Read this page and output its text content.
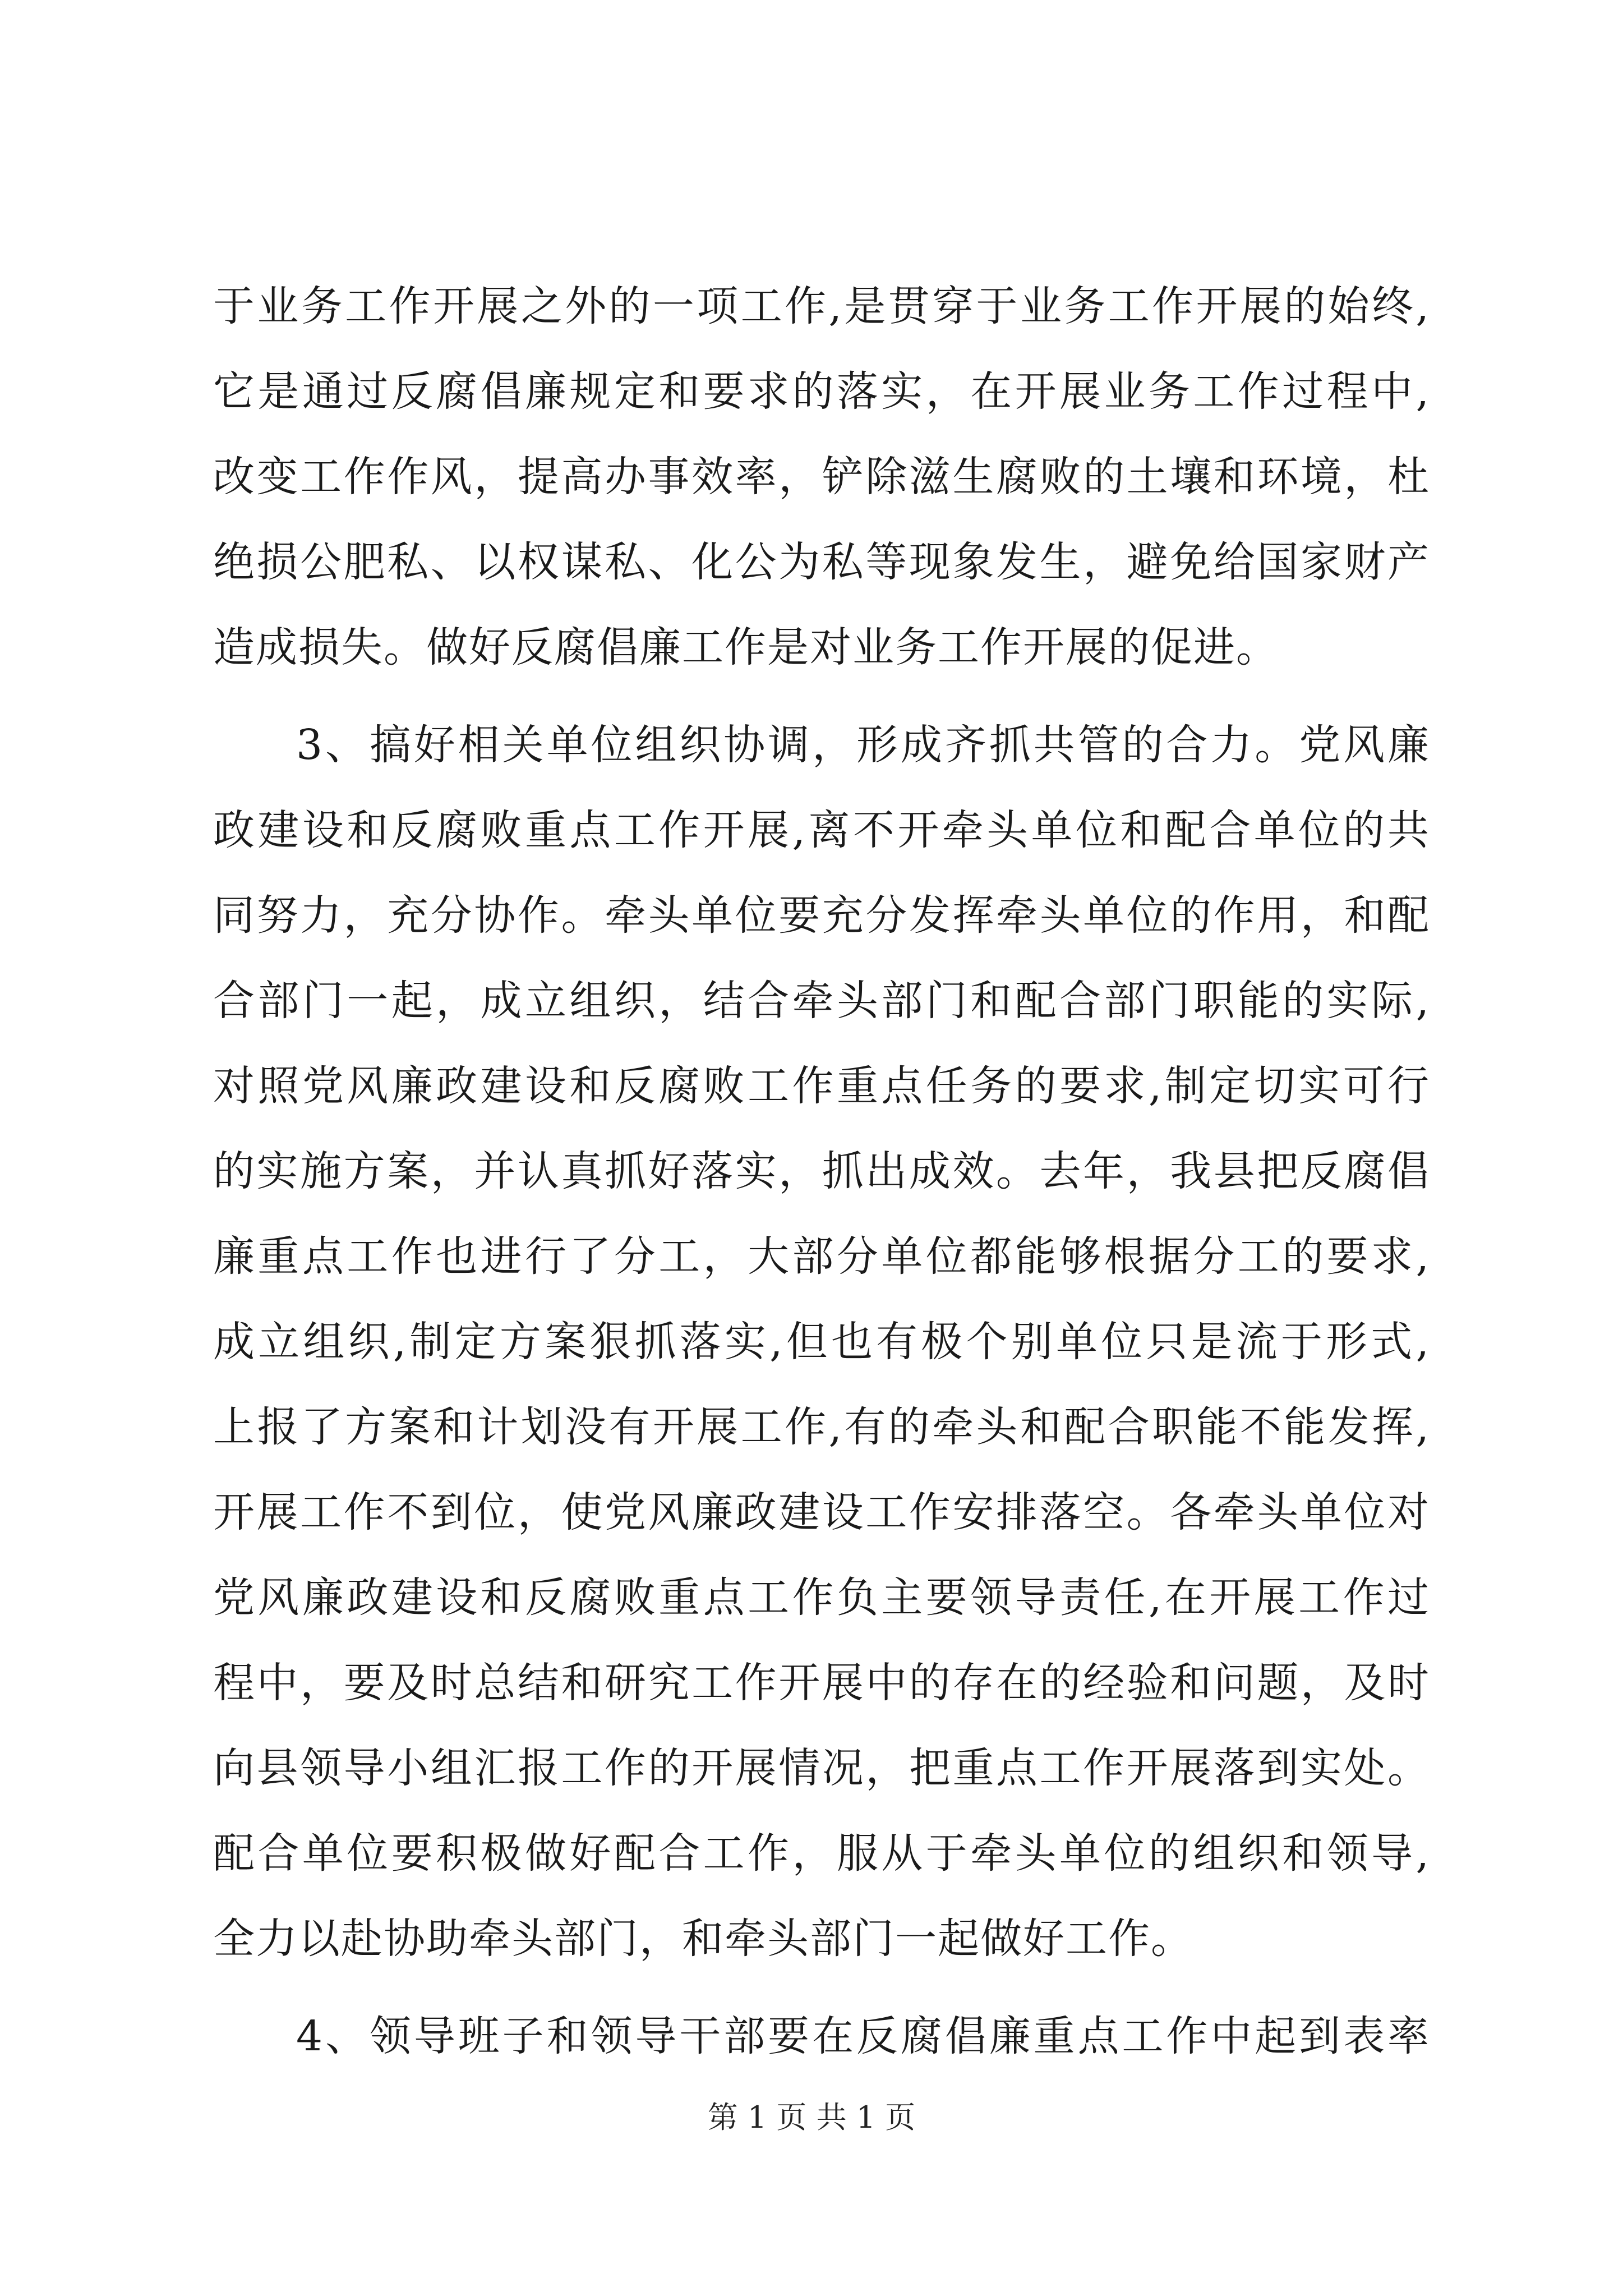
于业务工作开展之外的一项工作,是贯穿于业务工作开展的始终,
它是通过反腐倡廉规定和要求的落实，在开展业务工作过程中,
改变工作作风，提高办事效率，铲除滋生腐败的土壤和环境，杜
绝损公肥私、以权谋私、化公为私等现象发生，避免给国家财产
造成损失。做好反腐倡廉工作是对业务工作开展的促进。
3、搞好相关单位组织协调，形成齐抓共管的合力。党风廉
政建设和反腐败重点工作开展,离不开牵头单位和配合单位的共
同努力，充分协作。牵头单位要充分发挥牵头单位的作用，和配
合部门一起，成立组织，结合牵头部门和配合部门职能的实际,
对照党风廉政建设和反腐败工作重点任务的要求,制定切实可行
的实施方案，并认真抓好落实，抓出成效。去年，我县把反腐倡
廉重点工作也进行了分工，大部分单位都能够根据分工的要求,
成立组织,制定方案狠抓落实,但也有极个别单位只是流于形式,
上报了方案和计划没有开展工作,有的牵头和配合职能不能发挥,
开展工作不到位，使党风廉政建设工作安排落空。各牵头单位对
党风廉政建设和反腐败重点工作负主要领导责任,在开展工作过
程中，要及时总结和研究工作开展中的存在的经验和问题，及时
向县领导小组汇报工作的开展情况，把重点工作开展落到实处。
配合单位要积极做好配合工作，服从于牵头单位的组织和领导,
全力以赴协助牵头部门，和牵头部门一起做好工作。
4、领导班子和领导干部要在反腐倡廉重点工作中起到表率
第 1 页 共 1 页
